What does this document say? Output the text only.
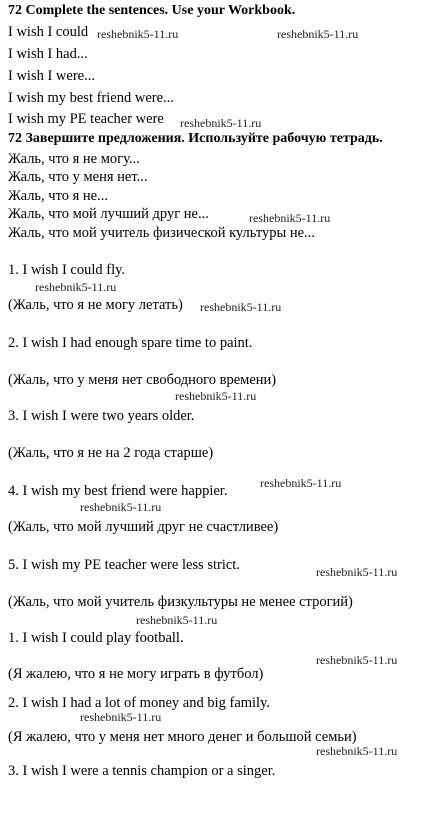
72 Complete the sentences. Use your Workbook.
I wish I could
I wish I had...
I wish I were...
I wish my best friend were...
I wish my PE teacher were
72 Завершите предложения. Используйте рабочую тетрадь.
Жаль, что я не могу...
Жаль, что у меня нет...
Жаль, что я не...
Жаль, что мой лучший друг не...
Жаль, что мой учитель физической культуры не...
1. I wish I could fly.
(Жаль, что я не могу летать)
2. I wish I had enough spare time to paint.
(Жаль, что у меня нет свободного времени)
3. I wish I were two years older.
(Жаль, что я не на 2 года старше)
4. I wish my best friend were happier.
(Жаль, что мой лучший друг не счастливее)
5. I wish my PE teacher were less strict.
(Жаль, что мой учитель физкультуры не менее строгий)
1. I wish I could play football.
(Я жалею, что я не могу играть в футбол)
2. I wish I had a lot of money and big family.
(Я жалею, что у меня нет много денег и большой семьи)
3. I wish I were a tennis champion or a singer.
reshebnik5-11.ru	reshebnik5-11.ru
reshebnik5-11.ru
reshebnik5-11.ru
reshebnik5-11.ru
reshebnik5-11.ru
reshebnik5-11.ru
reshebnik5-11.ru
reshebnik5-11.ru
reshebnik5-11.ru
reshebnik5-11.ru
reshebnik5-11.ru
reshebnik5-11.ru
reshebnik5-11.ru
